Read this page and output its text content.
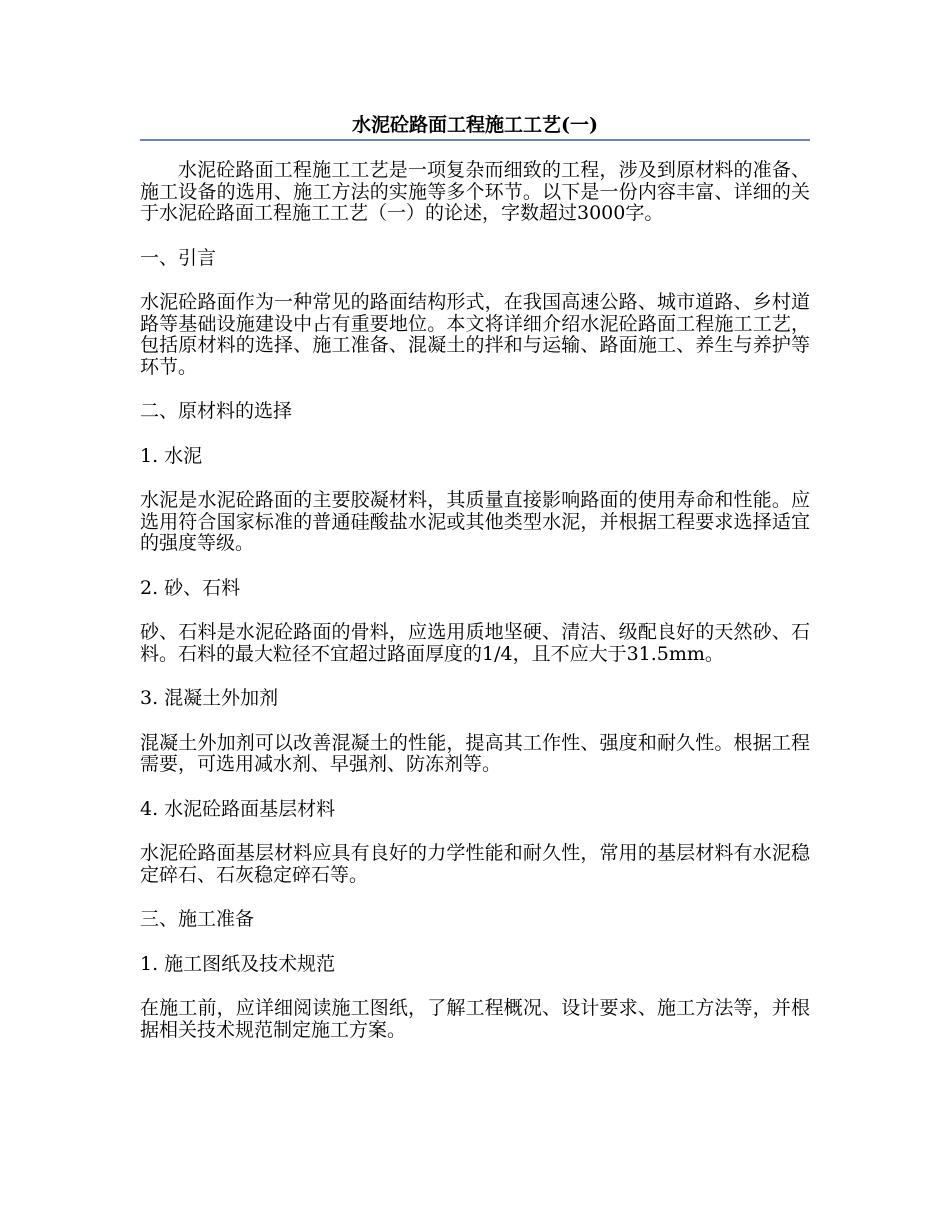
水泥砼路面工程施工工艺(一)

水泥砼路面工程施工工艺是一项复杂而细致的工程，涉及到原材料的准备、施工设备的选用、施工方法的实施等多个环节。以下是一份内容丰富、详细的关于水泥砼路面工程施工工艺（一）的论述，字数超过3000字。

一、引言

水泥砼路面作为一种常见的路面结构形式，在我国高速公路、城市道路、乡村道路等基础设施建设中占有重要地位。本文将详细介绍水泥砼路面工程施工工艺，包括原材料的选择、施工准备、混凝土的拌和与运输、路面施工、养生与养护等环节。

二、原材料的选择

1. 水泥

水泥是水泥砼路面的主要胶凝材料，其质量直接影响路面的使用寿命和性能。应选用符合国家标准的普通硅酸盐水泥或其他类型水泥，并根据工程要求选择适宜的强度等级。

2. 砂、石料

砂、石料是水泥砼路面的骨料，应选用质地坚硬、清洁、级配良好的天然砂、石料。石料的最大粒径不宜超过路面厚度的1/4，且不应大于31.5mm。

3. 混凝土外加剂

混凝土外加剂可以改善混凝土的性能，提高其工作性、强度和耐久性。根据工程需要，可选用减水剂、早强剂、防冻剂等。

4. 水泥砼路面基层材料

水泥砼路面基层材料应具有良好的力学性能和耐久性，常用的基层材料有水泥稳定碎石、石灰稳定碎石等。

三、施工准备

1. 施工图纸及技术规范

在施工前，应详细阅读施工图纸，了解工程概况、设计要求、施工方法等，并根据相关技术规范制定施工方案。
